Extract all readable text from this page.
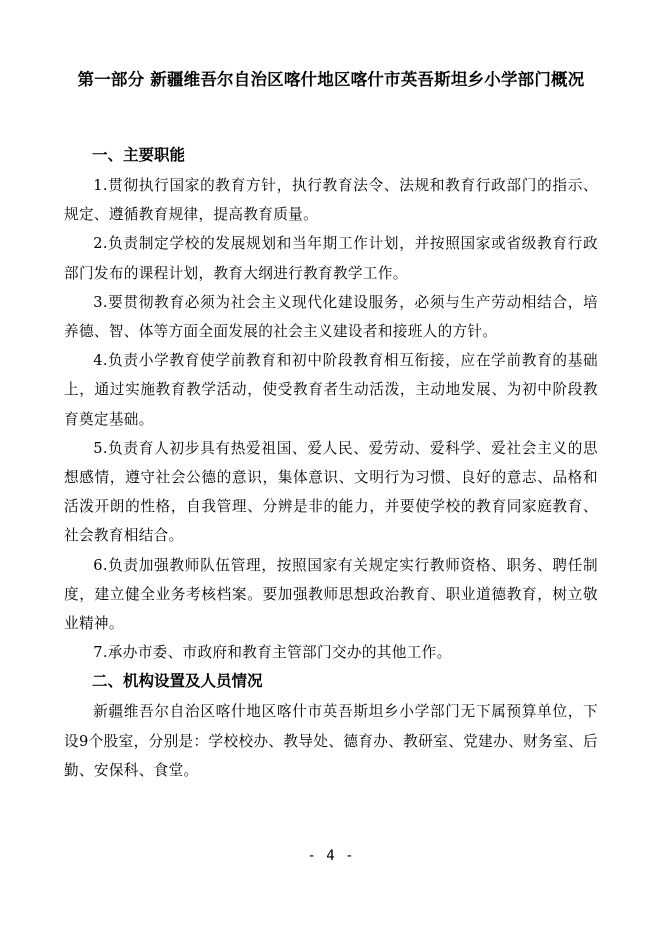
第一部分 新疆维吾尔自治区喀什地区喀什市英吾斯坦乡小学部门概况
一、主要职能

1.贯彻执行国家的教育方针，执行教育法令、法规和教育行政部门的指示、规定、遵循教育规律，提高教育质量。

2.负责制定学校的发展规划和当年期工作计划，并按照国家或省级教育行政部门发布的课程计划，教育大纲进行教育教学工作。

3.要贯彻教育必须为社会主义现代化建设服务，必须与生产劳动相结合，培养德、智、体等方面全面发展的社会主义建设者和接班人的方针。

4.负责小学教育使学前教育和初中阶段教育相互衔接，应在学前教育的基础上，通过实施教育教学活动，使受教育者生动活泼，主动地发展、为初中阶段教育奠定基础。

5.负责育人初步具有热爱祖国、爱人民、爱劳动、爱科学、爱社会主义的思想感情，遵守社会公德的意识，集体意识、文明行为习惯、良好的意志、品格和活泼开朗的性格，自我管理、分辨是非的能力，并要使学校的教育同家庭教育、社会教育相结合。

6.负责加强教师队伍管理，按照国家有关规定实行教师资格、职务、聘任制度，建立健全业务考核档案。要加强教师思想政治教育、职业道德教育，树立敬业精神。

7.承办市委、市政府和教育主管部门交办的其他工作。

二、机构设置及人员情况

新疆维吾尔自治区喀什地区喀什市英吾斯坦乡小学部门无下属预算单位，下设9个股室，分别是：学校校办、教导处、德育办、教研室、党建办、财务室、后勤、安保科、食堂。

- 4 -
